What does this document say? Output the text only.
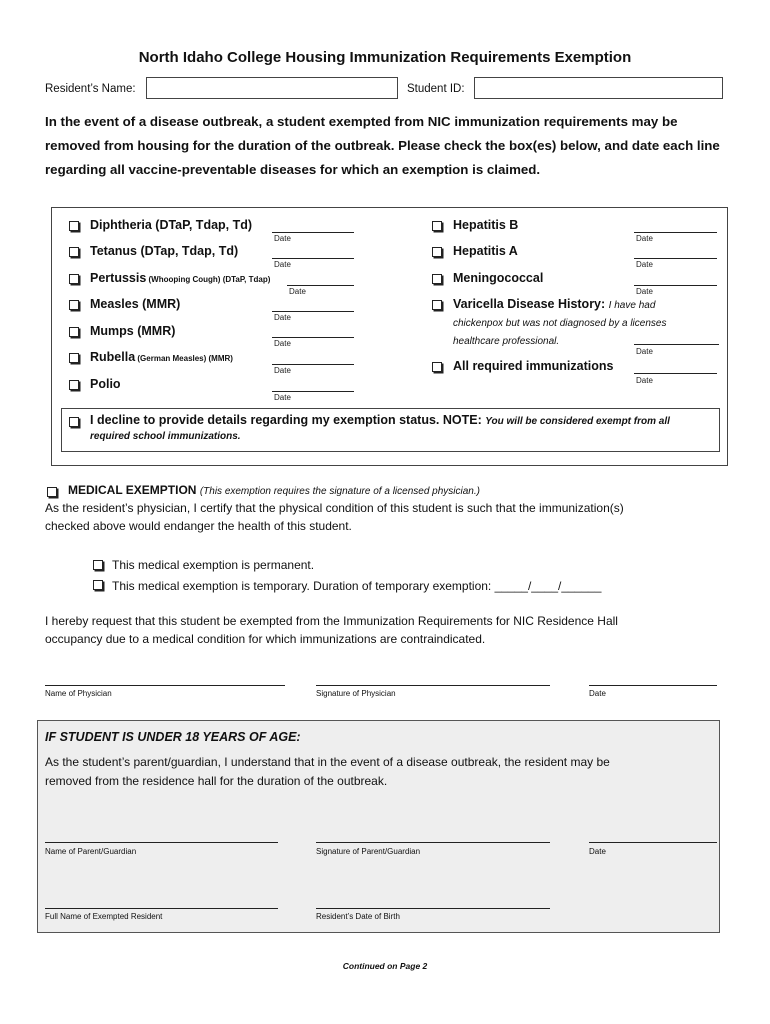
North Idaho College Housing Immunization Requirements Exemption
Resident’s Name:	Student ID:
In the event of a disease outbreak, a student exempted from NIC immunization requirements may be removed from housing for the duration of the outbreak. Please check the box(es) below, and date each line regarding all vaccine-preventable diseases for which an exemption is claimed.
Diphtheria (DTaP, Tdap, Td)
Date
Tetanus (DTap, Tdap, Td)
Date
Pertussis (Whooping Cough) (DTaP, Tdap)
Date
Measles (MMR)
Date
Mumps (MMR)
Date
Rubella (German Measles) (MMR)
Date
Polio
Date
Hepatitis B
Date
Hepatitis A
Date
Meningococcal
Date
Varicella Disease History: I have had
chickenpox but was not diagnosed by a licenses
healthcare professional.
Date
All required immunizations
Date
I decline to provide details regarding my exemption status. NOTE: You will be considered exempt from all
required school immunizations.
MEDICAL EXEMPTION (This exemption requires the signature of a licensed physician.)
As the resident’s physician, I certify that the physical condition of this student is such that the immunization(s)
checked above would endanger the health of this student.
This medical exemption is permanent.
This medical exemption is temporary. Duration of temporary exemption: _____/____/______
I hereby request that this student be exempted from the Immunization Requirements for NIC Residence Hall
occupancy due to a medical condition for which immunizations are contraindicated.
Name of Physician	Signature of Physician	Date
IF STUDENT IS UNDER 18 YEARS OF AGE:
As the student’s parent/guardian, I understand that in the event of a disease outbreak, the resident may be
removed from the residence hall for the duration of the outbreak.
Name of Parent/Guardian	Signature of Parent/Guardian	Date
Full Name of Exempted Resident	Resident’s Date of Birth
Continued on Page 2
